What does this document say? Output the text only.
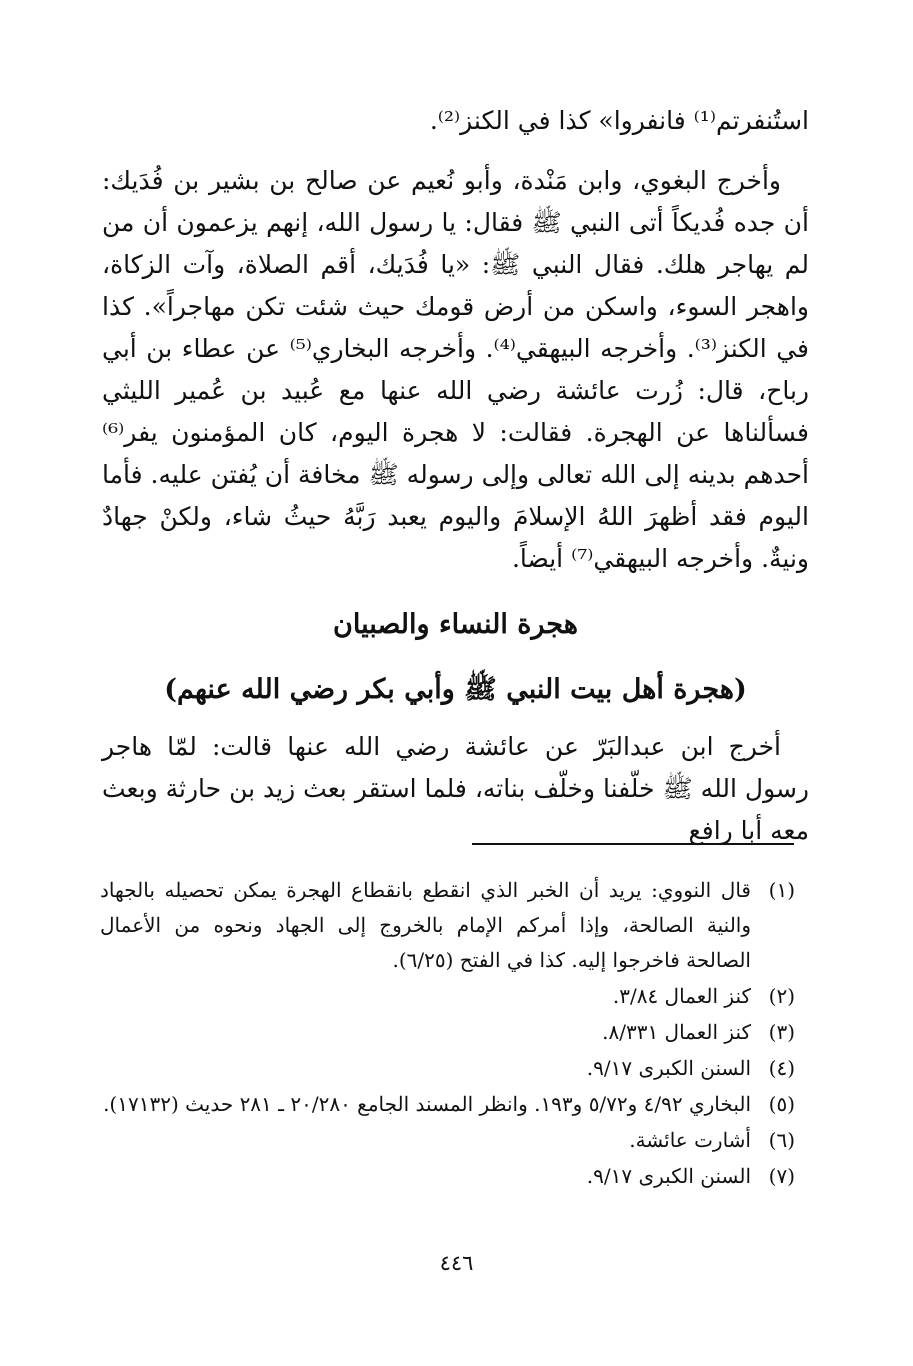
استُنفرتم⁽¹⁾ فانفروا» كذا في الكنز⁽²⁾.

وأخرج البغوي، وابن مَنْدة، وأبو نُعيم عن صالح بن بشير بن فُدَيك: أن جده فُديكاً أتى النبي ﷺ فقال: يا رسول الله، إنهم يزعمون أن من لم يهاجر هلك. فقال النبي ﷺ: «يا فُدَيك، أقم الصلاة، وآت الزكاة، واهجر السوء، واسكن من أرض قومك حيث شئت تكن مهاجراً». كذا في الكنز⁽³⁾. وأخرجه البيهقي⁽⁴⁾. وأخرجه البخاري⁽⁵⁾ عن عطاء بن أبي رباح، قال: زُرت عائشة رضي الله عنها مع عُبيد بن عُمير الليثي فسألناها عن الهجرة. فقالت: لا هجرة اليوم، كان المؤمنون يفر⁽⁶⁾ أحدهم بدينه إلى الله تعالى وإلى رسوله ﷺ مخافة أن يُفتن عليه. فأما اليوم فقد أظهرَ اللهُ الإسلامَ واليوم يعبد رَبَّهُ حيثُ شاء، ولكنْ جهادٌ ونيةٌ. وأخرجه البيهقي⁽⁷⁾ أيضاً.

هجرة النساء والصبيان
(هجرة أهل بيت النبي ﷺ وأبي بكر رضي الله عنهم)

أخرج ابن عبدالبَرّ عن عائشة رضي الله عنها قالت: لمّا هاجر رسول الله ﷺ خلّفنا وخلّف بناته، فلما استقر بعث زيد بن حارثة وبعث معه أبا رافع

(١)
قال النووي: يريد أن الخبر الذي انقطع بانقطاع الهجرة يمكن تحصيله بالجهاد والنية الصالحة، وإذا أمركم الإمام بالخروج إلى الجهاد ونحوه من الأعمال الصالحة فاخرجوا إليه. كذا في الفتح (٦/٢٥).
(٢)
كنز العمال ٣/٨٤.
(٣)
كنز العمال ٨/٣٣١.
(٤)
السنن الكبرى ٩/١٧.
(٥)
البخاري ٤/٩٢ و٥/٧٢ و١٩٣. وانظر المسند الجامع ٢٠/٢٨٠ ـ ٢٨١ حديث (١٧١٣٢).
(٦)
أشارت عائشة.
(٧)
السنن الكبرى ٩/١٧.
٤٤٦
